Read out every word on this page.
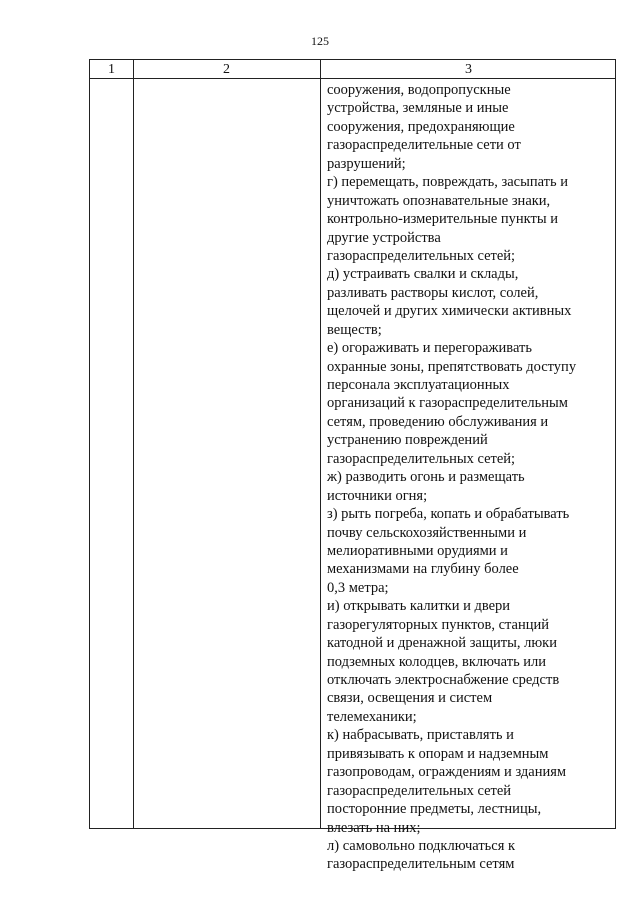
125
1	2	3
сооружения, водопропускные
устройства, земляные и иные
сооружения, предохраняющие
газораспределительные сети от
разрушений;
г) перемещать, повреждать, засыпать и
уничтожать опознавательные знаки,
контрольно-измерительные пункты и
другие устройства
газораспределительных сетей;
д) устраивать свалки и склады,
разливать растворы кислот, солей,
щелочей и других химически активных
веществ;
е) огораживать и перегораживать
охранные зоны, препятствовать доступу
персонала эксплуатационных
организаций к газораспределительным
сетям, проведению обслуживания и
устранению повреждений
газораспределительных сетей;
ж) разводить огонь и размещать
источники огня;
з) рыть погреба, копать и обрабатывать
почву сельскохозяйственными и
мелиоративными орудиями и
механизмами на глубину более
0,3 метра;
и) открывать калитки и двери
газорегуляторных пунктов, станций
катодной и дренажной защиты, люки
подземных колодцев, включать или
отключать электроснабжение средств
связи, освещения и систем
телемеханики;
к) набрасывать, приставлять и
привязывать к опорам и надземным
газопроводам, ограждениям и зданиям
газораспределительных сетей
посторонние предметы, лестницы,
влезать на них;
л) самовольно подключаться к
газораспределительным сетям
